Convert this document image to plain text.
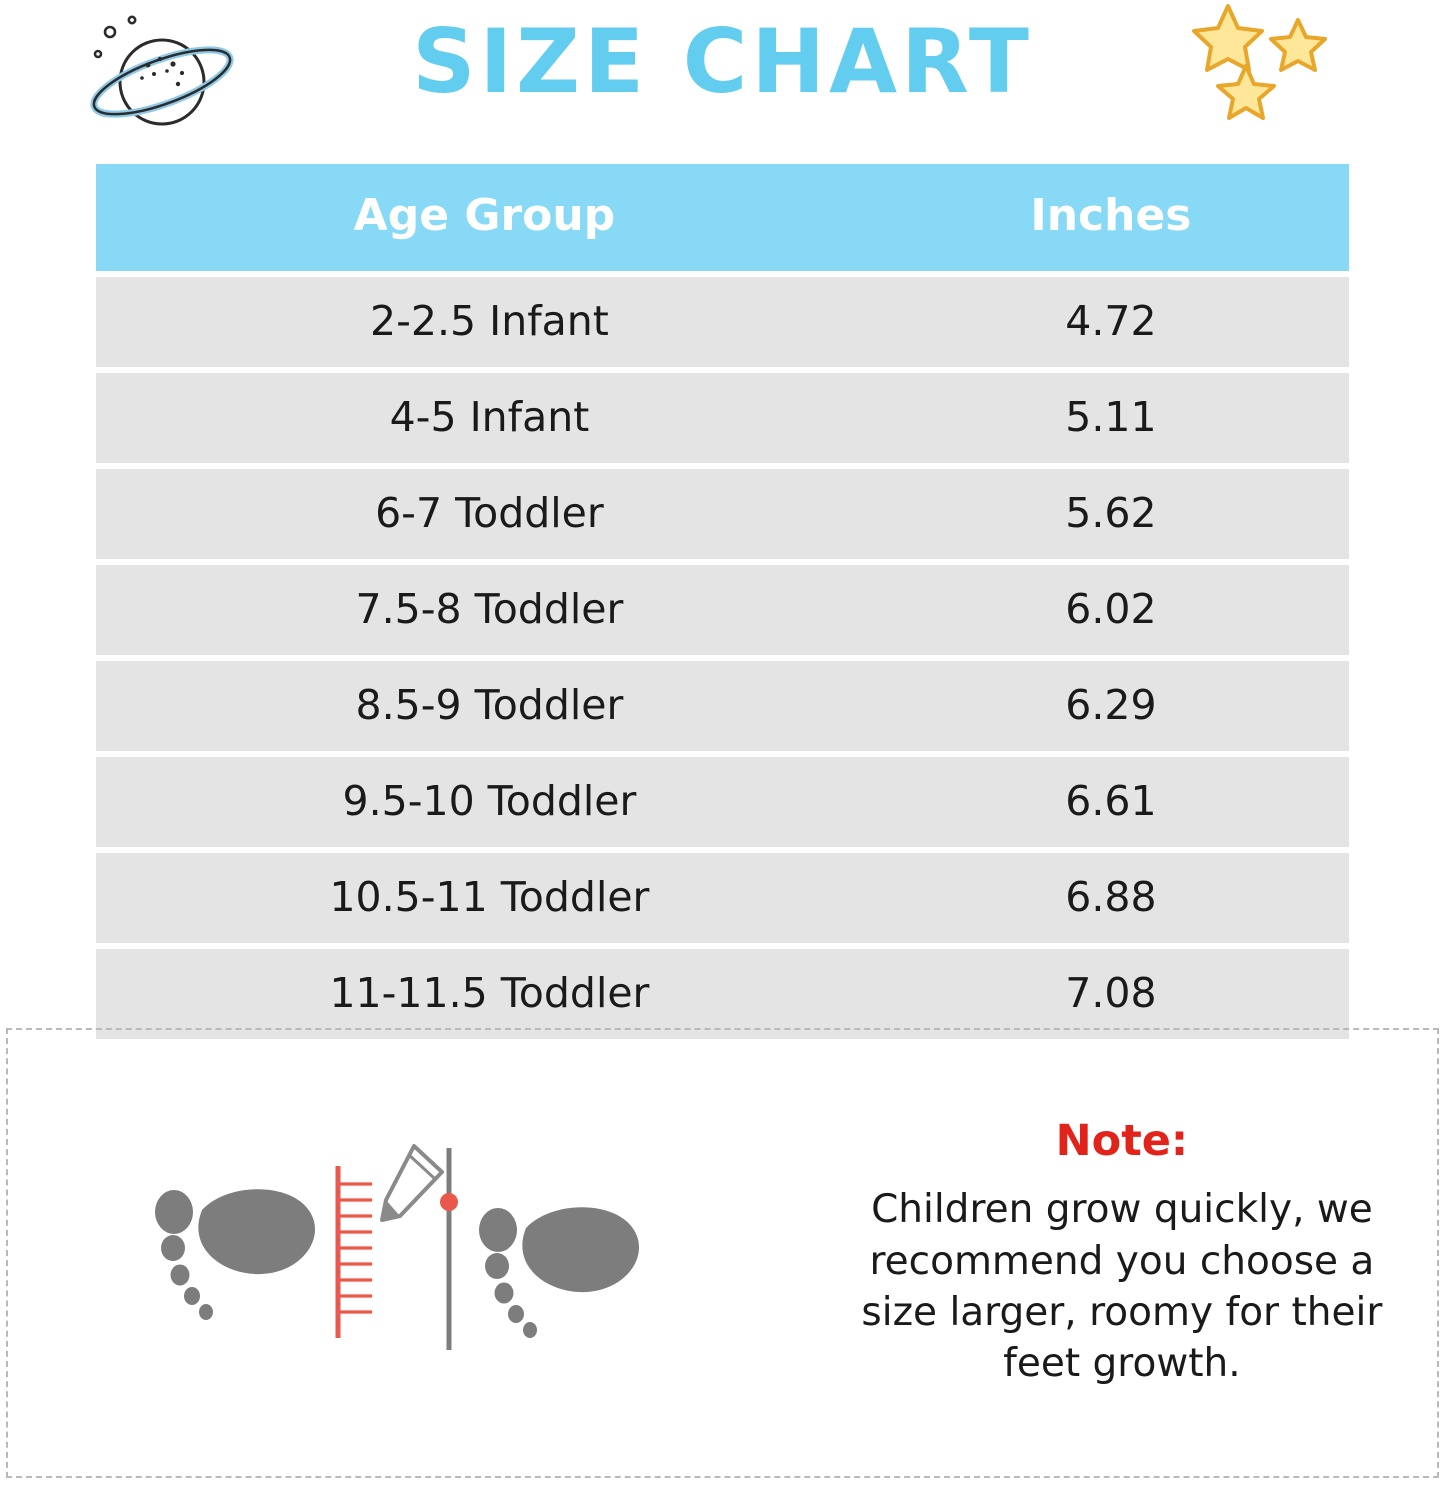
SIZE CHART
Age Group	Inches
2-2.5 Infant	4.72
4-5 Infant	5.11
6-7 Toddler	5.62
7.5-8 Toddler	6.02
8.5-9 Toddler	6.29
9.5-10 Toddler	6.61
10.5-11 Toddler	6.88
11-11.5 Toddler	7.08

Note:

Children grow quickly, we recommend you choose a size larger, roomy for their feet growth.
